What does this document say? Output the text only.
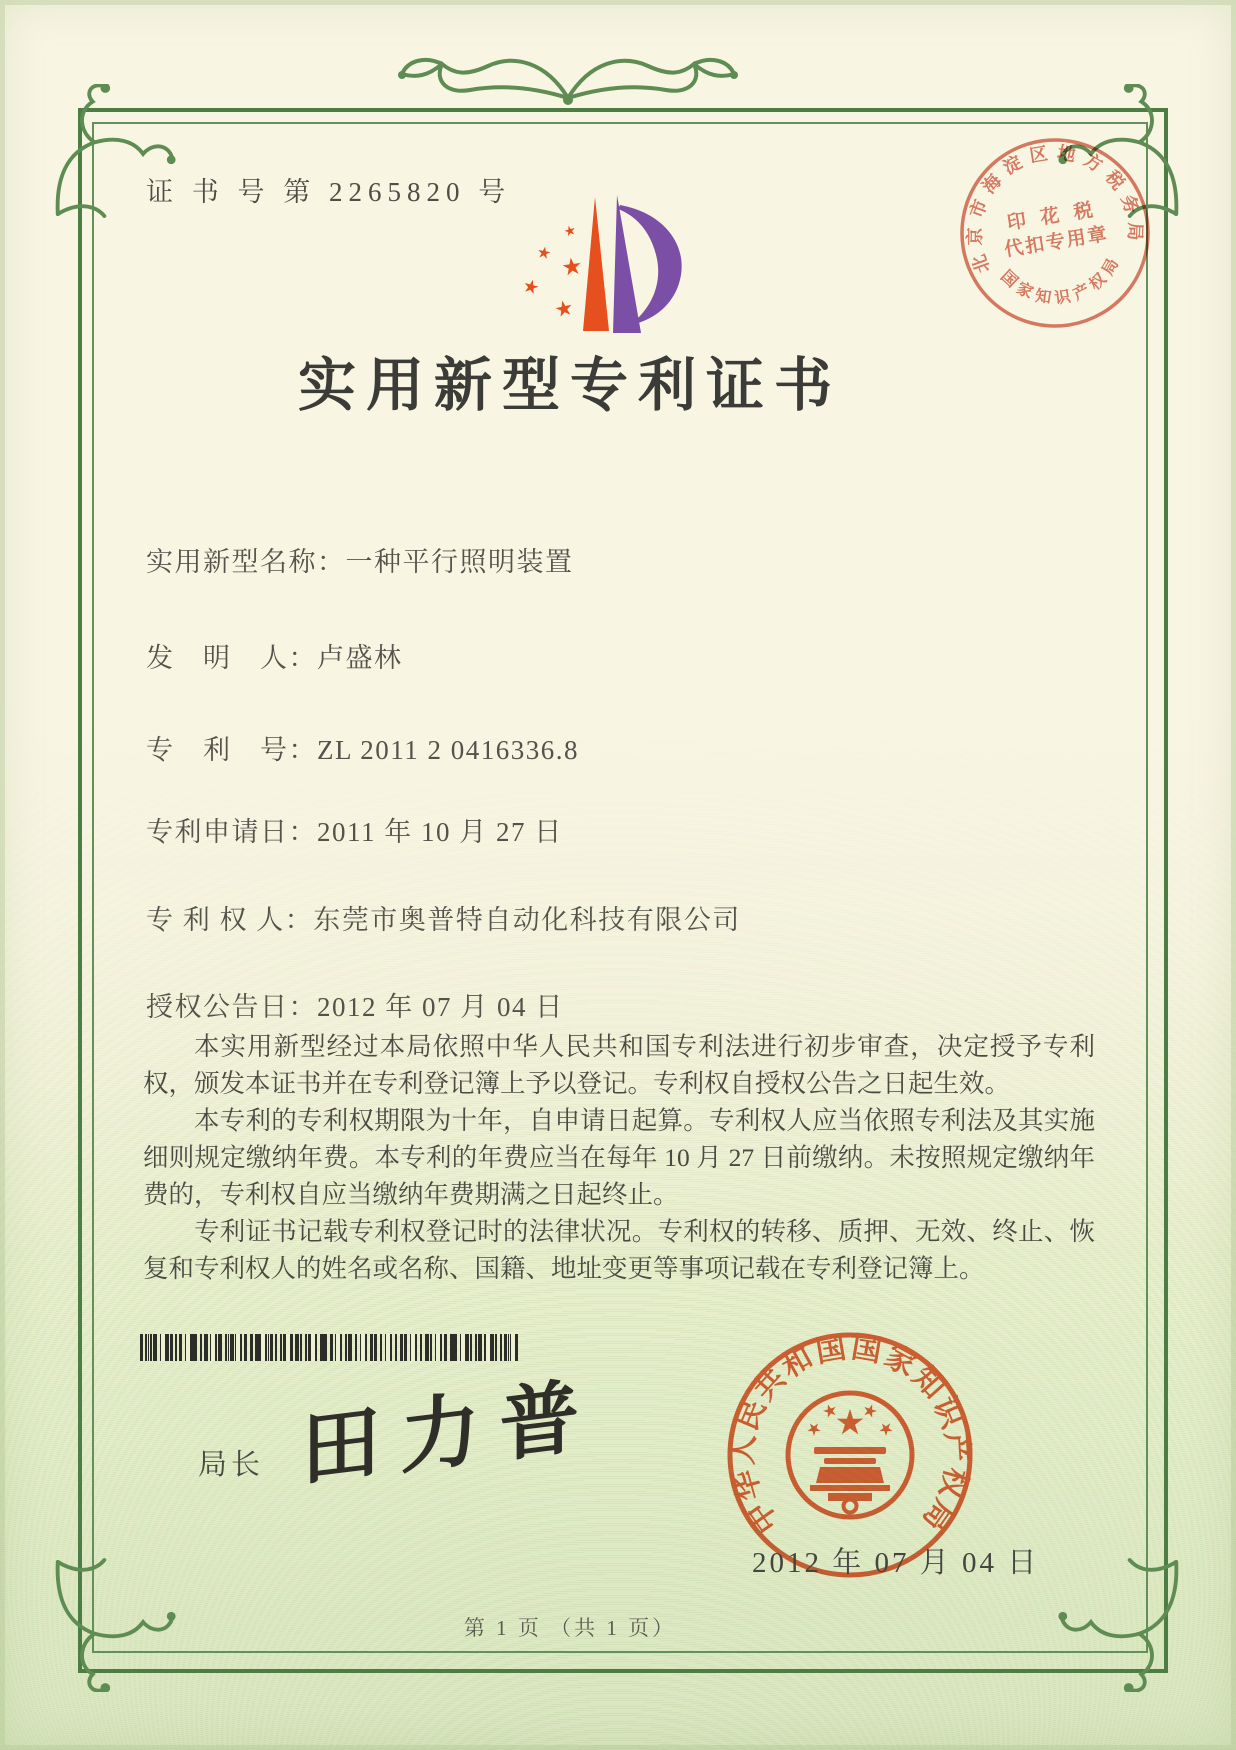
证 书 号 第 2265820 号
北京市海淀区地方税务局
印 花 税
代扣专用章
国家知识产权局
实用新型专利证书
实用新型名称：一种平行照明装置
发　明　人：卢盛林
专　利　号：ZL 2011 2 0416336.8
专利申请日：2011 年 10 月 27 日
专 利 权 人：东莞市奥普特自动化科技有限公司
授权公告日：2012 年 07 月 04 日

本实用新型经过本局依照中华人民共和国专利法进行初步审查，决定授予专利权，颁发本证书并在专利登记簿上予以登记。专利权自授权公告之日起生效。

本专利的专利权期限为十年，自申请日起算。专利权人应当依照专利法及其实施细则规定缴纳年费。本专利的年费应当在每年 10 月 27 日前缴纳。未按照规定缴纳年费的，专利权自应当缴纳年费期满之日起终止。

专利证书记载专利权登记时的法律状况。专利权的转移、质押、无效、终止、恢复和专利权人的姓名或名称、国籍、地址变更等事项记载在专利登记簿上。

局长 田力普
中华人民共和国国家知识产权局
2012 年 07 月 04 日
第 1 页 （共 1 页）
